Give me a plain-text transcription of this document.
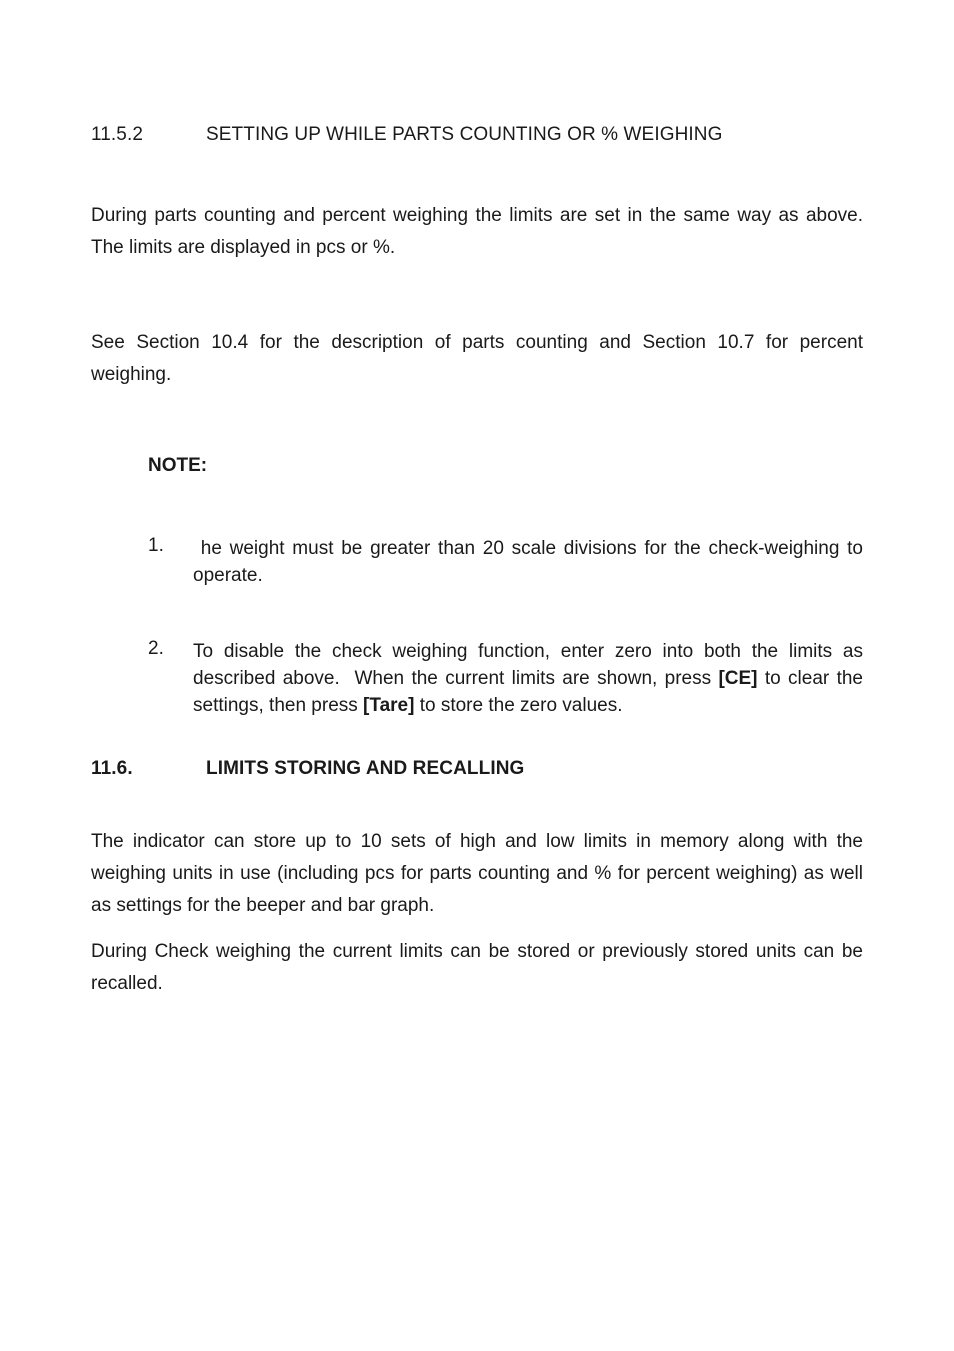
11.5.2	SETTING UP WHILE PARTS COUNTING OR % WEIGHING

During parts counting and percent weighing the limits are set in the same way as above. The limits are displayed in pcs or %.

See Section 10.4 for the description of parts counting and Section 10.7 for percent weighing.

NOTE:
1. he weight must be greater than 20 scale divisions for the check-weighing to operate.
2. To disable the check weighing function, enter zero into both the limits as described above.  When the current limits are shown, press [CE] to clear the settings, then press [Tare] to store the zero values.
11.6.	LIMITS STORING AND RECALLING

The indicator can store up to 10 sets of high and low limits in memory along with the weighing units in use (including pcs for parts counting and % for percent weighing) as well as settings for the beeper and bar graph.

During Check weighing the current limits can be stored or previously stored units can be recalled.
